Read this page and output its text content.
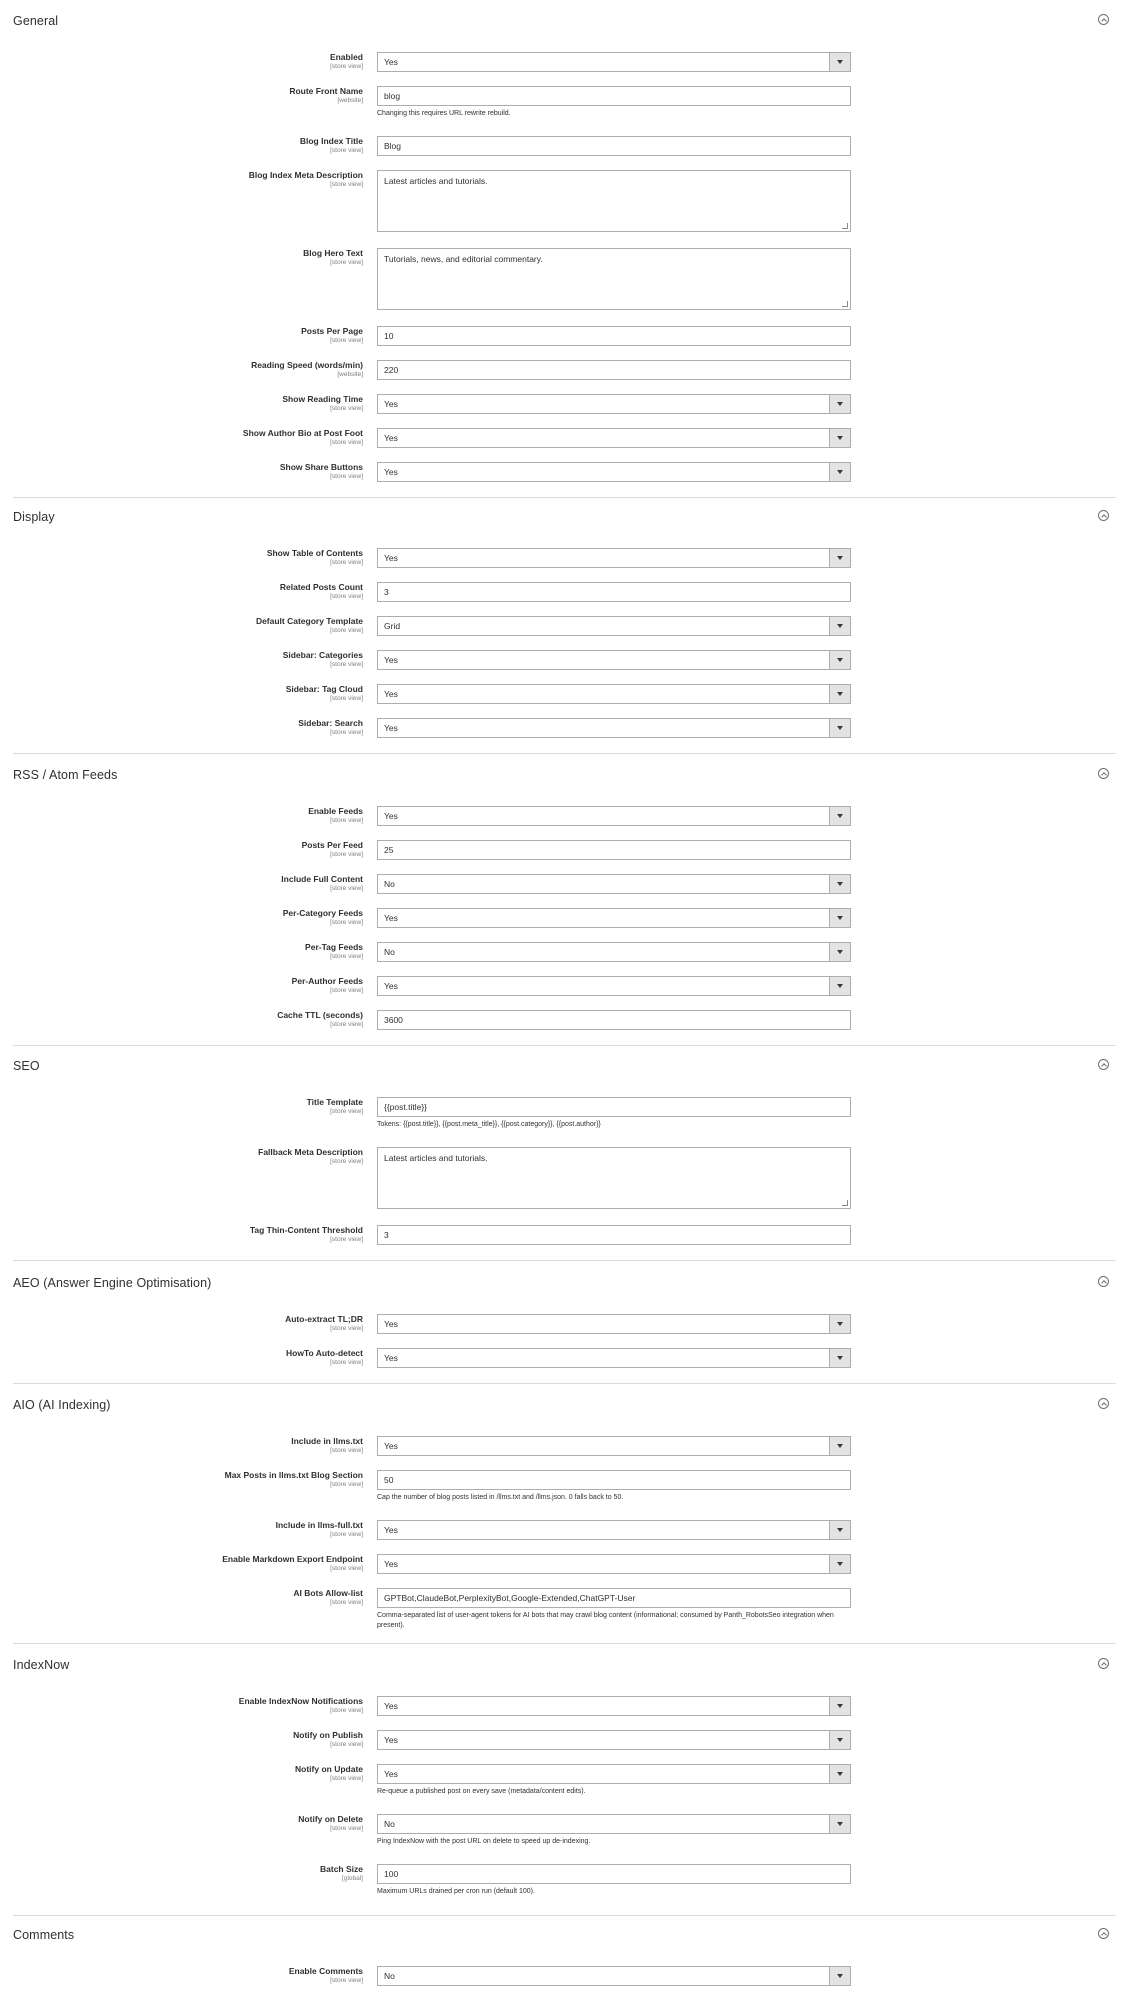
General
Enabled
[store view]	Yes
Route Front Name
[website]	blog
Changing this requires URL rewrite rebuild.
Blog Index Title
[store view]	Blog
Blog Index Meta Description
[store view]	Latest articles and tutorials.
Blog Hero Text
[store view]	Tutorials, news, and editorial commentary.
Posts Per Page
[store view]	10
Reading Speed (words/min)
[website]	220
Show Reading Time
[store view]	Yes
Show Author Bio at Post Foot
[store view]	Yes
Show Share Buttons
[store view]	Yes
Display
Show Table of Contents
[store view]	Yes
Related Posts Count
[store view]	3
Default Category Template
[store view]	Grid
Sidebar: Categories
[store view]	Yes
Sidebar: Tag Cloud
[store view]	Yes
Sidebar: Search
[store view]	Yes
RSS / Atom Feeds
Enable Feeds
[store view]	Yes
Posts Per Feed
[store view]	25
Include Full Content
[store view]	No
Per-Category Feeds
[store view]	Yes
Per-Tag Feeds
[store view]	No
Per-Author Feeds
[store view]	Yes
Cache TTL (seconds)
[store view]	3600
SEO
Title Template
[store view]	{{post.title}}
Tokens: {{post.title}}, {{post.meta_title}}, {{post.category}}, {{post.author}}
Fallback Meta Description
[store view]	Latest articles and tutorials.
Tag Thin-Content Threshold
[store view]	3
AEO (Answer Engine Optimisation)
Auto-extract TL;DR
[store view]	Yes
HowTo Auto-detect
[store view]	Yes
AIO (AI Indexing)
Include in llms.txt
[store view]	Yes
Max Posts in llms.txt Blog Section
[store view]	50
Cap the number of blog posts listed in /llms.txt and /llms.json. 0 falls back to 50.
Include in llms-full.txt
[store view]	Yes
Enable Markdown Export Endpoint
[store view]	Yes
AI Bots Allow-list
[store view]	GPTBot,ClaudeBot,PerplexityBot,Google-Extended,ChatGPT-User
Comma-separated list of user-agent tokens for AI bots that may crawl blog content (informational; consumed by Panth_RobotsSeo integration when present).
IndexNow
Enable IndexNow Notifications
[store view]	Yes
Notify on Publish
[store view]	Yes
Notify on Update
[store view]	Yes
Re-queue a published post on every save (metadata/content edits).
Notify on Delete
[store view]	No
Ping IndexNow with the post URL on delete to speed up de-indexing.
Batch Size
[global]	100
Maximum URLs drained per cron run (default 100).
Comments
Enable Comments
[store view]	No
